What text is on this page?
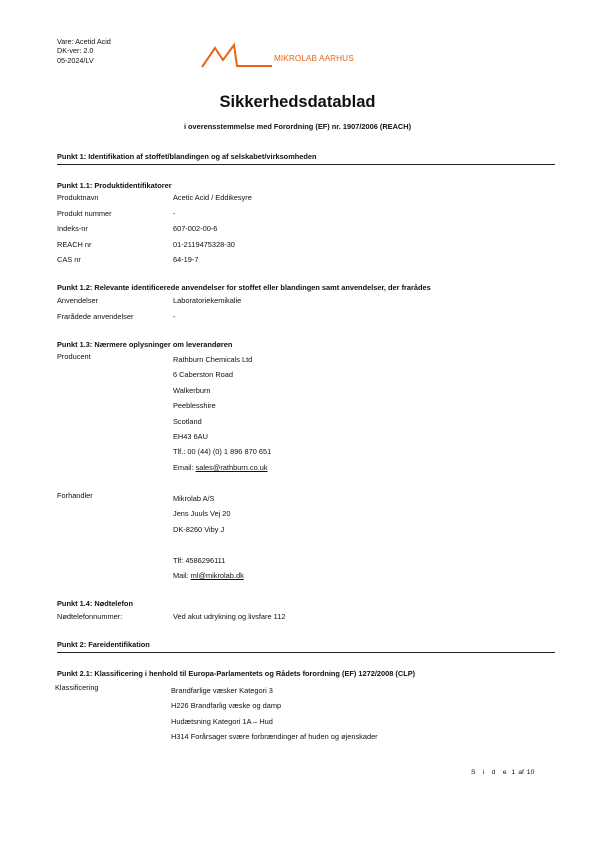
Vare: Acetid Acid
DK-ver: 2.0
05-2024/LV	MIKROLAB AARHUS
Sikkerhedsdatablad
i overensstemmelse med Forordning (EF) nr. 1907/2006 (REACH)
Punkt 1: Identifikation af stoffet/blandingen og af selskabet/virksomheden
Punkt 1.1: Produktidentifikatorer
Produktnavn	Acetic Acid / Eddikesyre
Produkt nummer	-
Indeks-nr	607-002-00-6
REACH nr	01-2119475328-30
CAS nr	64-19-7
Punkt 1.2: Relevante identificerede anvendelser for stoffet eller blandingen samt anvendelser, der frarådes
Anvendelser	Laboratoriekemikalie
Frarådede anvendelser	-
Punkt 1.3: Nærmere oplysninger om leverandøren
Producent	Rathburn Chemicals Ltd
6 Caberston Road
Walkerburn
Peeblesshire
Scotland
EH43 6AU
Tlf.: 00 (44) (0) 1 896 870 651
Email: sales@rathburn.co.uk
Forhandler	Mikrolab A/S
Jens Juuls Vej 20
DK-8260 Viby J
Tlf: 4586296111
Mail: ml@mikrolab.dk
Punkt 1.4: Nødtelefon
Nødtelefonnummer:	Ved akut udrykning og livsfare 112
Punkt 2: Fareidentifikation
Punkt 2.1: Klassificering i henhold til Europa-Parlamentets og Rådets forordning (EF) 1272/2008 (CLP)
Klassificering	Brandfarlige væsker Kategori 3
H226 Brandfarlig væske og damp
Hudætsning Kategori 1A – Hud
H314 Forårsager svære forbrændinger af huden og øjenskader
S i d e 1 af 10
